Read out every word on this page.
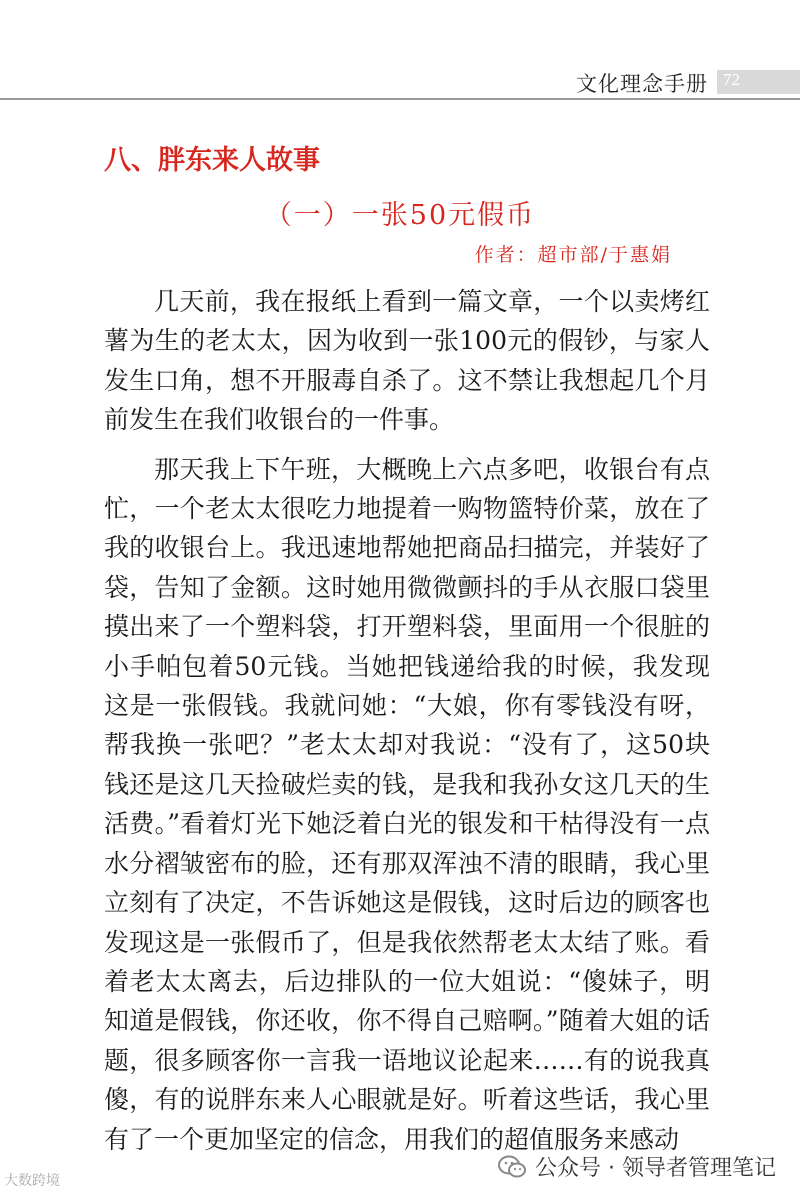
文化理念手册 72
八、胖东来人故事
（一）一张50元假币
作者：超市部/于惠娟

几天前，我在报纸上看到一篇文章，一个以卖烤红薯为生的老太太，因为收到一张100元的假钞，与家人发生口角，想不开服毒自杀了。这不禁让我想起几个月前发生在我们收银台的一件事。

那天我上下午班，大概晚上六点多吧，收银台有点忙，一个老太太很吃力地提着一购物篮特价菜，放在了我的收银台上。我迅速地帮她把商品扫描完，并装好了袋，告知了金额。这时她用微微颤抖的手从衣服口袋里摸出来了一个塑料袋，打开塑料袋，里面用一个很脏的小手帕包着50元钱。当她把钱递给我的时候，我发现这是一张假钱。我就问她：“大娘，你有零钱没有呀，帮我换一张吧？”老太太却对我说：“没有了，这50块钱还是这几天捡破烂卖的钱，是我和我孙女这几天的生活费。”看着灯光下她泛着白光的银发和干枯得没有一点水分褶皱密布的脸，还有那双浑浊不清的眼睛，我心里立刻有了决定，不告诉她这是假钱，这时后边的顾客也发现这是一张假币了，但是我依然帮老太太结了账。看着老太太离去，后边排队的一位大姐说：“傻妹子，明知道是假钱，你还收，你不得自己赔啊。”随着大姐的话题，很多顾客你一言我一语地议论起来……有的说我真傻，有的说胖东来人心眼就是好。听着这些话，我心里有了一个更加坚定的信念，用我们的超值服务来感动

大数跨境	公众号 · 领导者管理笔记
